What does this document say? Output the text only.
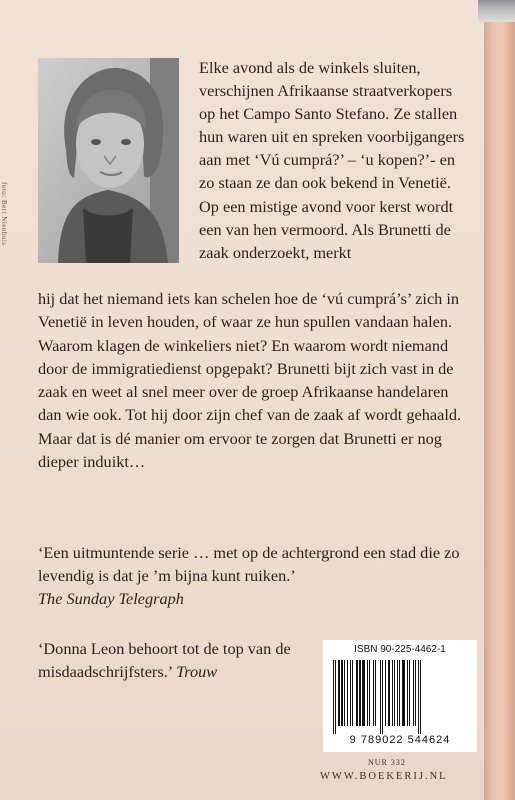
foto: Bert Nienhuis

Elke avond als de winkels sluiten, verschijnen Afrikaanse straatverkopers op het Campo Santo Stefano. Ze stallen hun waren uit en spreken voorbijgangers aan met ‘Vú cumprá?’ – ‘u kopen?’- en zo staan ze dan ook bekend in Venetië.

Op een mistige avond voor kerst wordt een van hen vermoord. Als Brunetti de zaak onderzoekt, merkt

hij dat het niemand iets kan schelen hoe de ‘vú cumprá’s’ zich in Venetië in leven houden, of waar ze hun spullen vandaan halen. Waarom klagen de winkeliers niet? En waarom wordt niemand door de immigratiedienst opgepakt? Brunetti bijt zich vast in de zaak en weet al snel meer over de groep Afrikaanse handelaren dan wie ook. Tot hij door zijn chef van de zaak af wordt gehaald. Maar dat is dé manier om ervoor te zorgen dat Brunetti er nog dieper induikt…

‘Een uitmuntende serie … met op de achtergrond een stad die zo levendig is dat je ’m bijna kunt ruiken.’
The Sunday Telegraph
‘Donna Leon behoort tot de top van de misdaadschrijfsters.’ Trouw
ISBN 90-225-4462-1
9 789022 544624
NUR 332
WWW.BOEKERIJ.NL
